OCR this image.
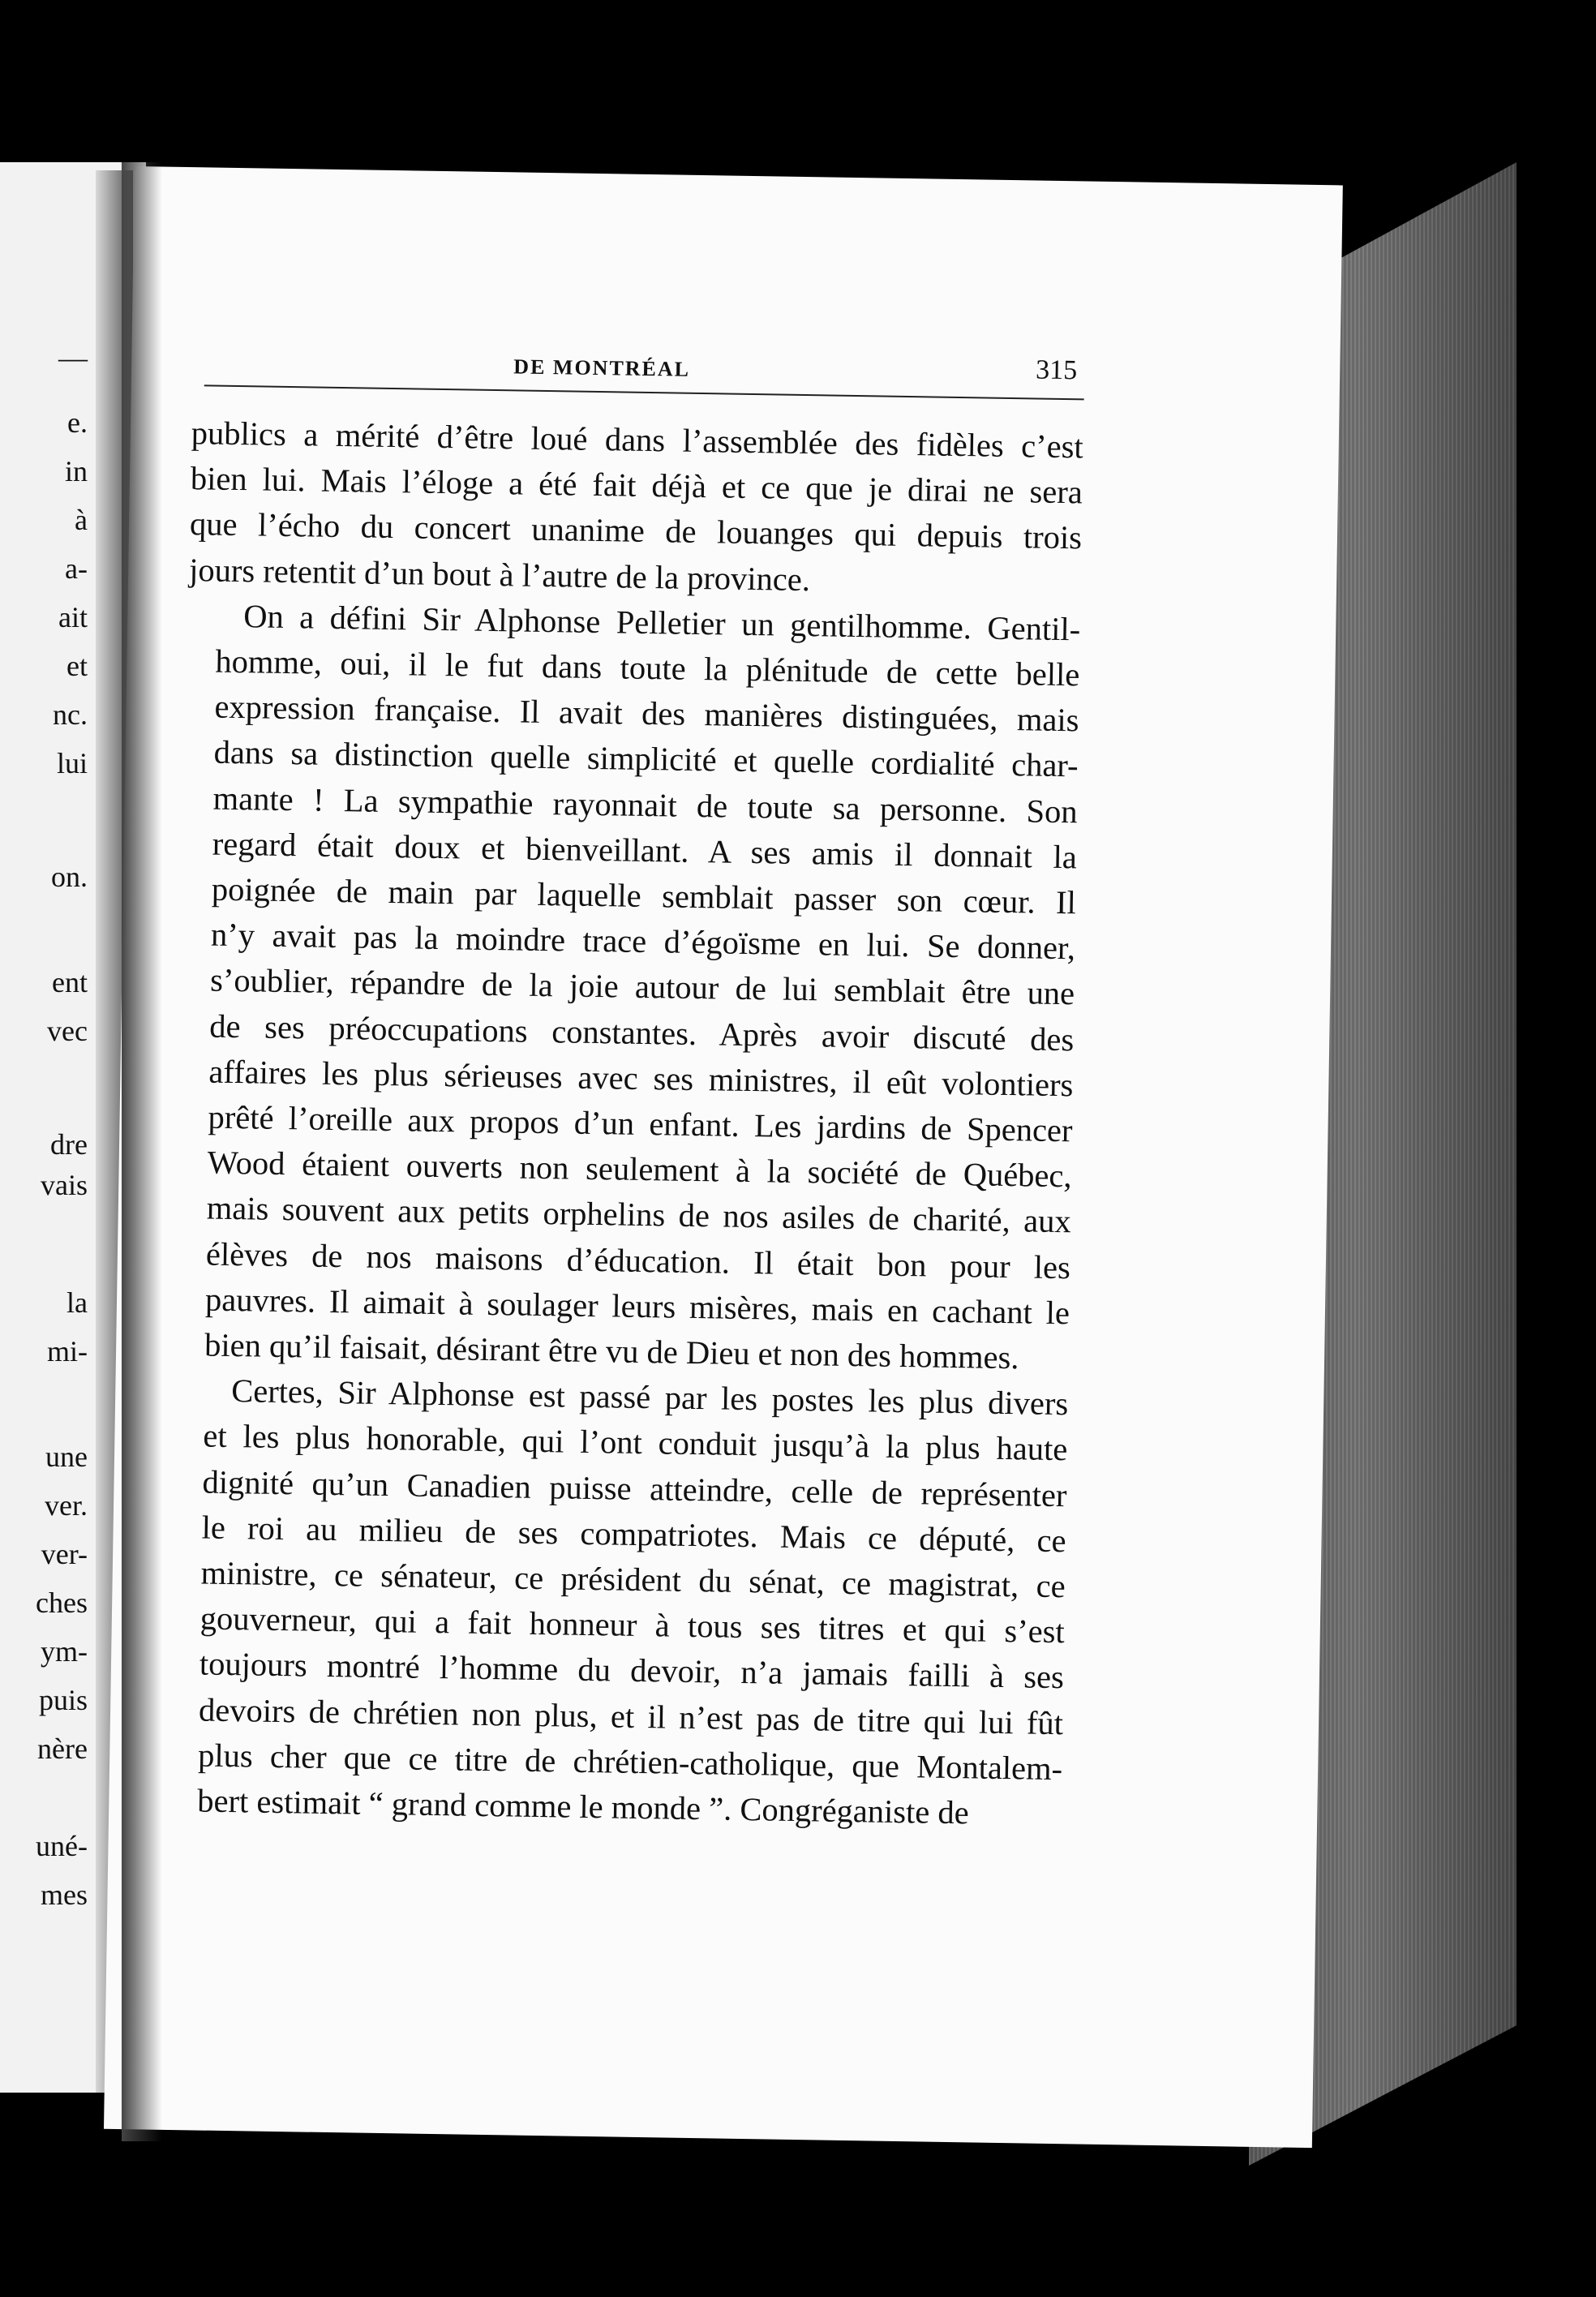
—
e.
in
à
a-
ait
et
nc.
lui
on.
ent
vec
dre
vais
la
mi-
une
ver.
ver-
ches
ym-
puis
nère
uné-
mes
DE MONTRÉAL	315

publics a mérité d’être loué dans l’assemblée des fidèles c’est
bien lui. Mais l’éloge a été fait déjà et ce que je dirai ne sera
que l’écho du concert unanime de louanges qui depuis trois
jours retentit d’un bout à l’autre de la province.

On a défini Sir Alphonse Pelletier un gentilhomme. Gentil-
homme, oui, il le fut dans toute la plénitude de cette belle
expression française. Il avait des manières distinguées, mais
dans sa distinction quelle simplicité et quelle cordialité char-
mante ! La sympathie rayonnait de toute sa personne. Son
regard était doux et bienveillant. A ses amis il donnait la
poignée de main par laquelle semblait passer son cœur. Il
n’y avait pas la moindre trace d’égoïsme en lui. Se donner,
s’oublier, répandre de la joie autour de lui semblait être une
de ses préoccupations constantes. Après avoir discuté des
affaires les plus sérieuses avec ses ministres, il eût volontiers
prêté l’oreille aux propos d’un enfant. Les jardins de Spencer
Wood étaient ouverts non seulement à la société de Québec,
mais souvent aux petits orphelins de nos asiles de charité, aux
élèves de nos maisons d’éducation. Il était bon pour les
pauvres. Il aimait à soulager leurs misères, mais en cachant le
bien qu’il faisait, désirant être vu de Dieu et non des hommes.

Certes, Sir Alphonse est passé par les postes les plus divers
et les plus honorable, qui l’ont conduit jusqu’à la plus haute
dignité qu’un Canadien puisse atteindre, celle de représenter
le roi au milieu de ses compatriotes. Mais ce député, ce
ministre, ce sénateur, ce président du sénat, ce magistrat, ce
gouverneur, qui a fait honneur à tous ses titres et qui s’est
toujours montré l’homme du devoir, n’a jamais failli à ses
devoirs de chrétien non plus, et il n’est pas de titre qui lui fût
plus cher que ce titre de chrétien-catholique, que Montalem-
bert estimait “ grand comme le monde ”. Congréganiste de
